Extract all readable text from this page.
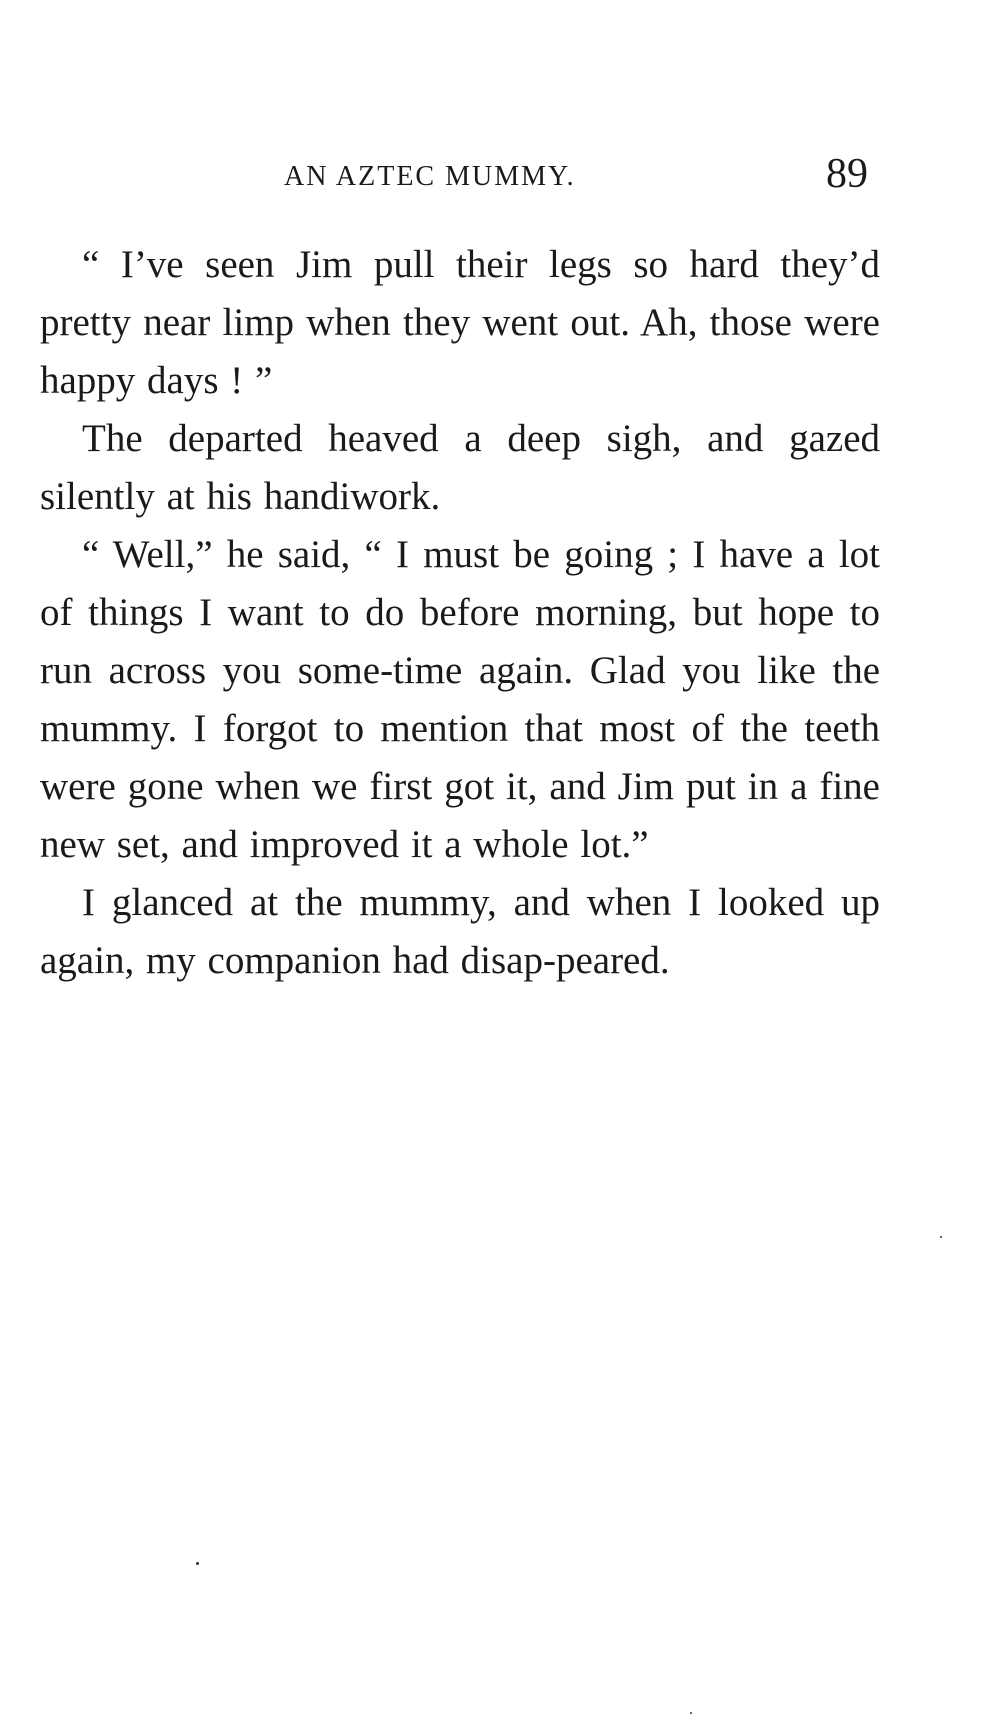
AN AZTEC MUMMY.	89

“ I’ve seen Jim pull their legs so hard they’d pretty near limp when they went out. Ah, those were happy days ! ”

The departed heaved a deep sigh, and gazed silently at his handiwork.

“ Well,” he said, “ I must be going ; I have a lot of things I want to do before morning, but hope to run across you some-time again. Glad you like the mummy. I forgot to mention that most of the teeth were gone when we first got it, and Jim put in a fine new set, and improved it a whole lot.”

I glanced at the mummy, and when I looked up again, my companion had disap-peared.
